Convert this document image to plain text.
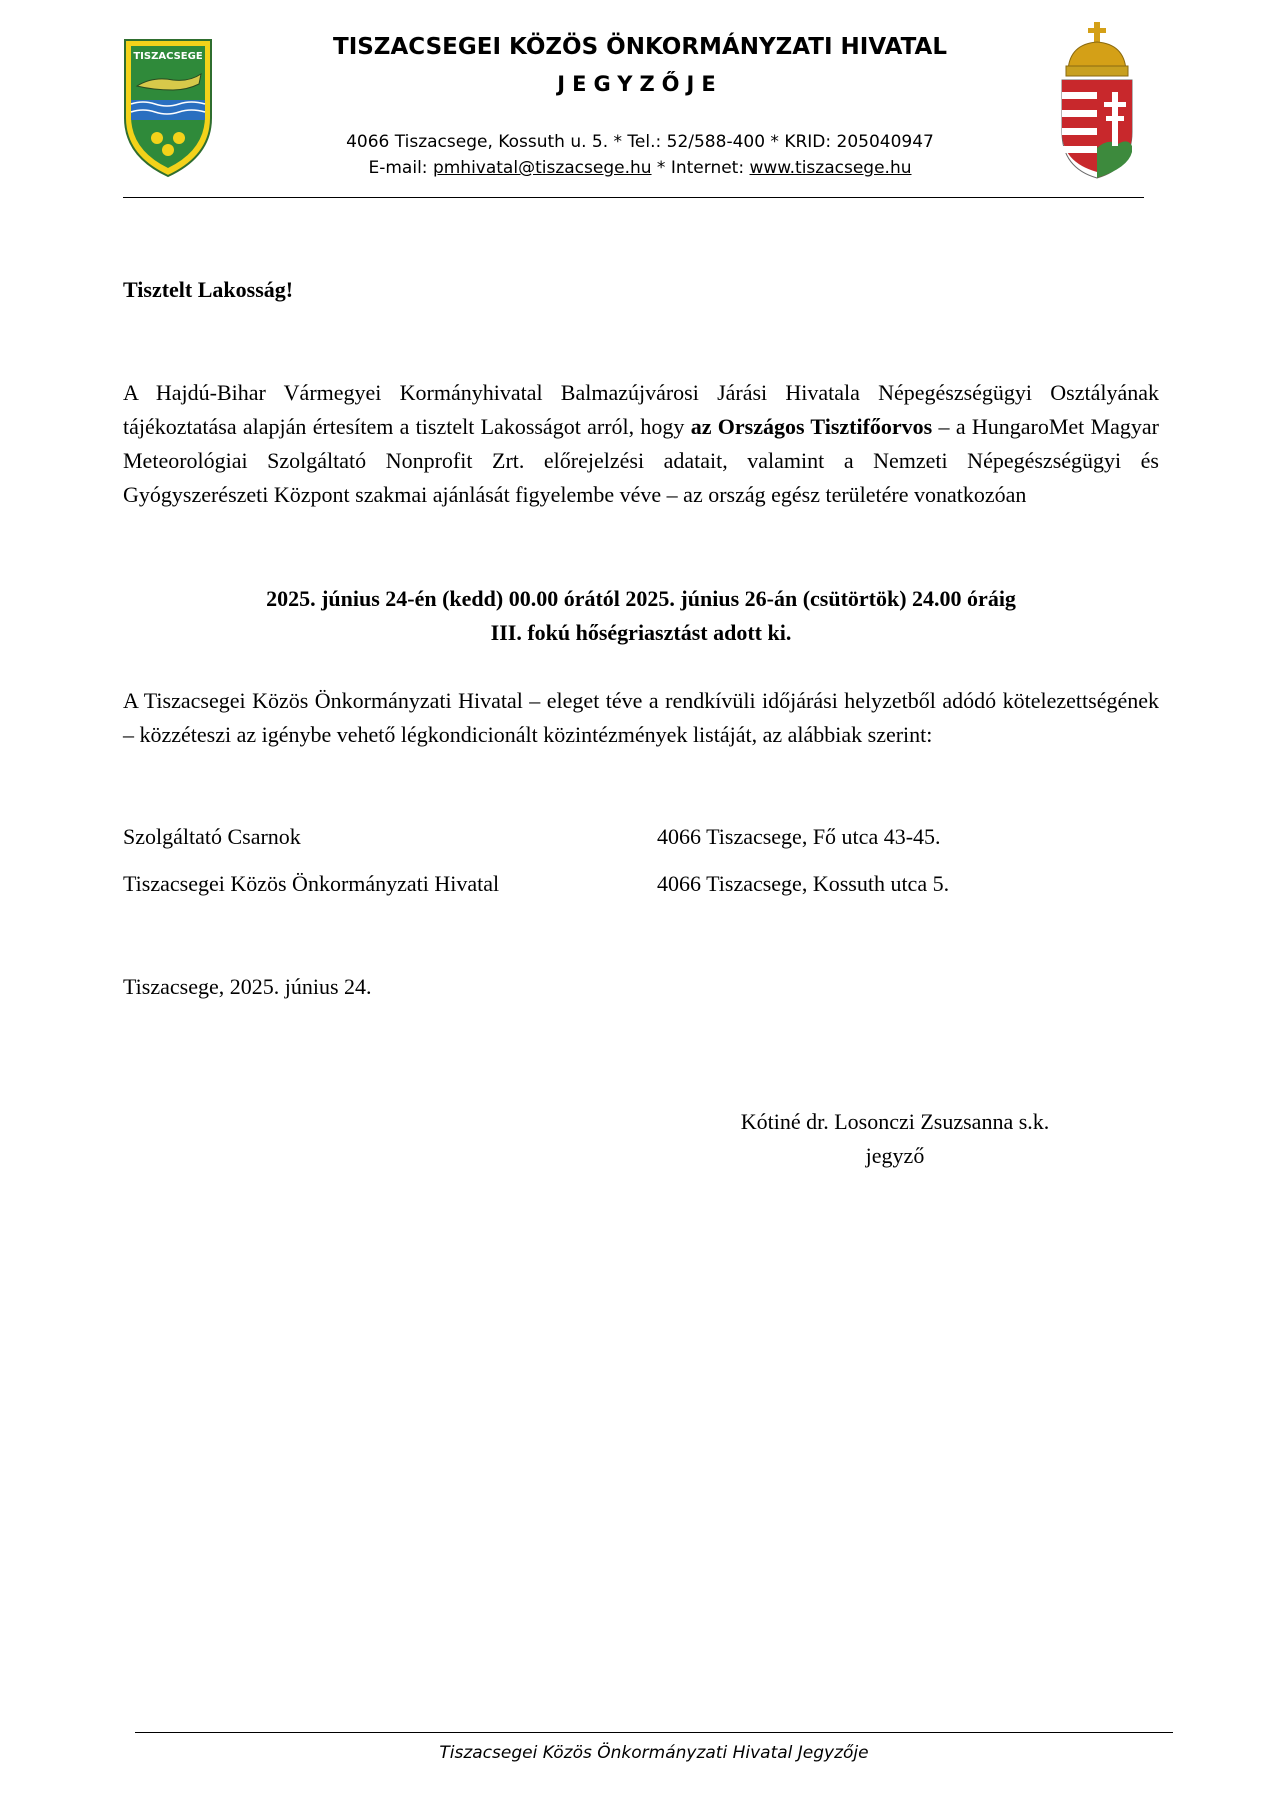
TISZACSEGE	TISZACSEGEI KÖZÖS ÖNKORMÁNYZATI HIVATAL
JEGYZŐJE
4066 Tiszacsege, Kossuth u. 5. * Tel.: 52/588-400 * KRID: 205040947
E-mail: pmhivatal@tiszacsege.hu * Internet: www.tiszacsege.hu
Tisztelt Lakosság!
A Hajdú-Bihar Vármegyei Kormányhivatal Balmazújvárosi Járási Hivatala Népegészségügyi Osztályának tájékoztatása alapján értesítem a tisztelt Lakosságot arról, hogy az Országos Tisztifőorvos – a HungaroMet Magyar Meteorológiai Szolgáltató Nonprofit Zrt. előrejelzési adatait, valamint a Nemzeti Népegészségügyi és Gyógyszerészeti Központ szakmai ajánlását figyelembe véve – az ország egész területére vonatkozóan
2025. június 24-én (kedd) 00.00 órától 2025. június 26-án (csütörtök) 24.00 óráig
III. fokú hőségriasztást adott ki.
A Tiszacsegei Közös Önkormányzati Hivatal – eleget téve a rendkívüli időjárási helyzetből adódó kötelezettségének – közzéteszi az igénybe vehető légkondicionált közintézmények listáját, az alábbiak szerint:
Szolgáltató Csarnok	4066 Tiszacsege, Fő utca 43-45.
Tiszacsegei Közös Önkormányzati Hivatal	4066 Tiszacsege, Kossuth utca 5.
Tiszacsege, 2025. június 24.
Kótiné dr. Losonczi Zsuzsanna s.k.
jegyző
Tiszacsegei Közös Önkormányzati Hivatal Jegyzője
